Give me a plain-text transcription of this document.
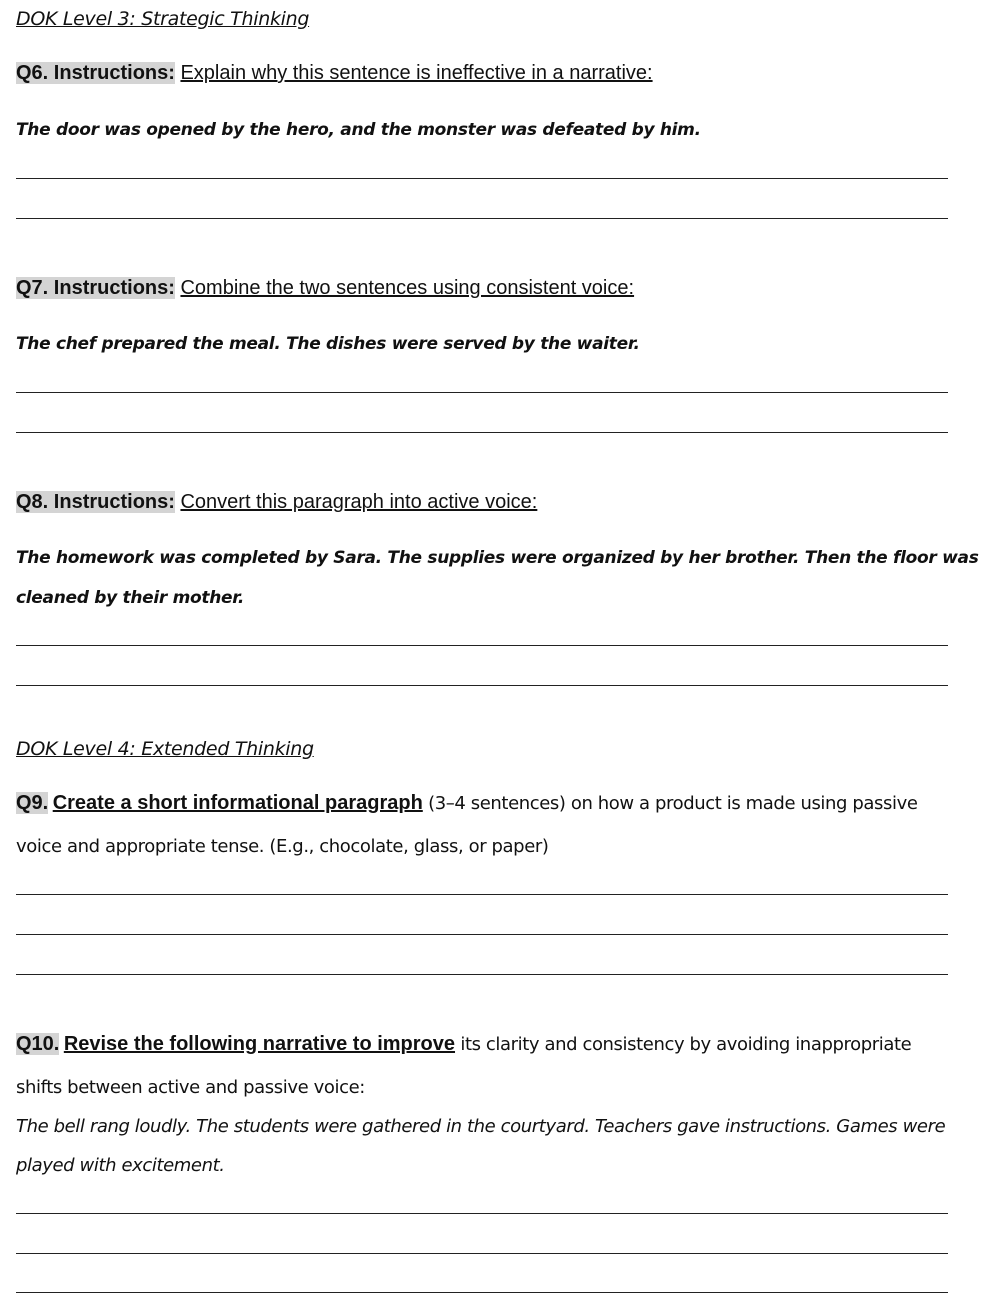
DOK Level 3: Strategic Thinking
Q6. Instructions: Explain why this sentence is ineffective in a narrative:
The door was opened by the hero, and the monster was defeated by him.
Q7. Instructions: Combine the two sentences using consistent voice:
The chef prepared the meal. The dishes were served by the waiter.
Q8. Instructions: Convert this paragraph into active voice:
The homework was completed by Sara. The supplies were organized by her brother. Then the floor was
cleaned by their mother.
DOK Level 4: Extended Thinking
Q9. Create a short informational paragraph (3–4 sentences) on how a product is made using passive
voice and appropriate tense. (E.g., chocolate, glass, or paper)
Q10. Revise the following narrative to improve its clarity and consistency by avoiding inappropriate
shifts between active and passive voice:
The bell rang loudly. The students were gathered in the courtyard. Teachers gave instructions. Games were
played with excitement.
